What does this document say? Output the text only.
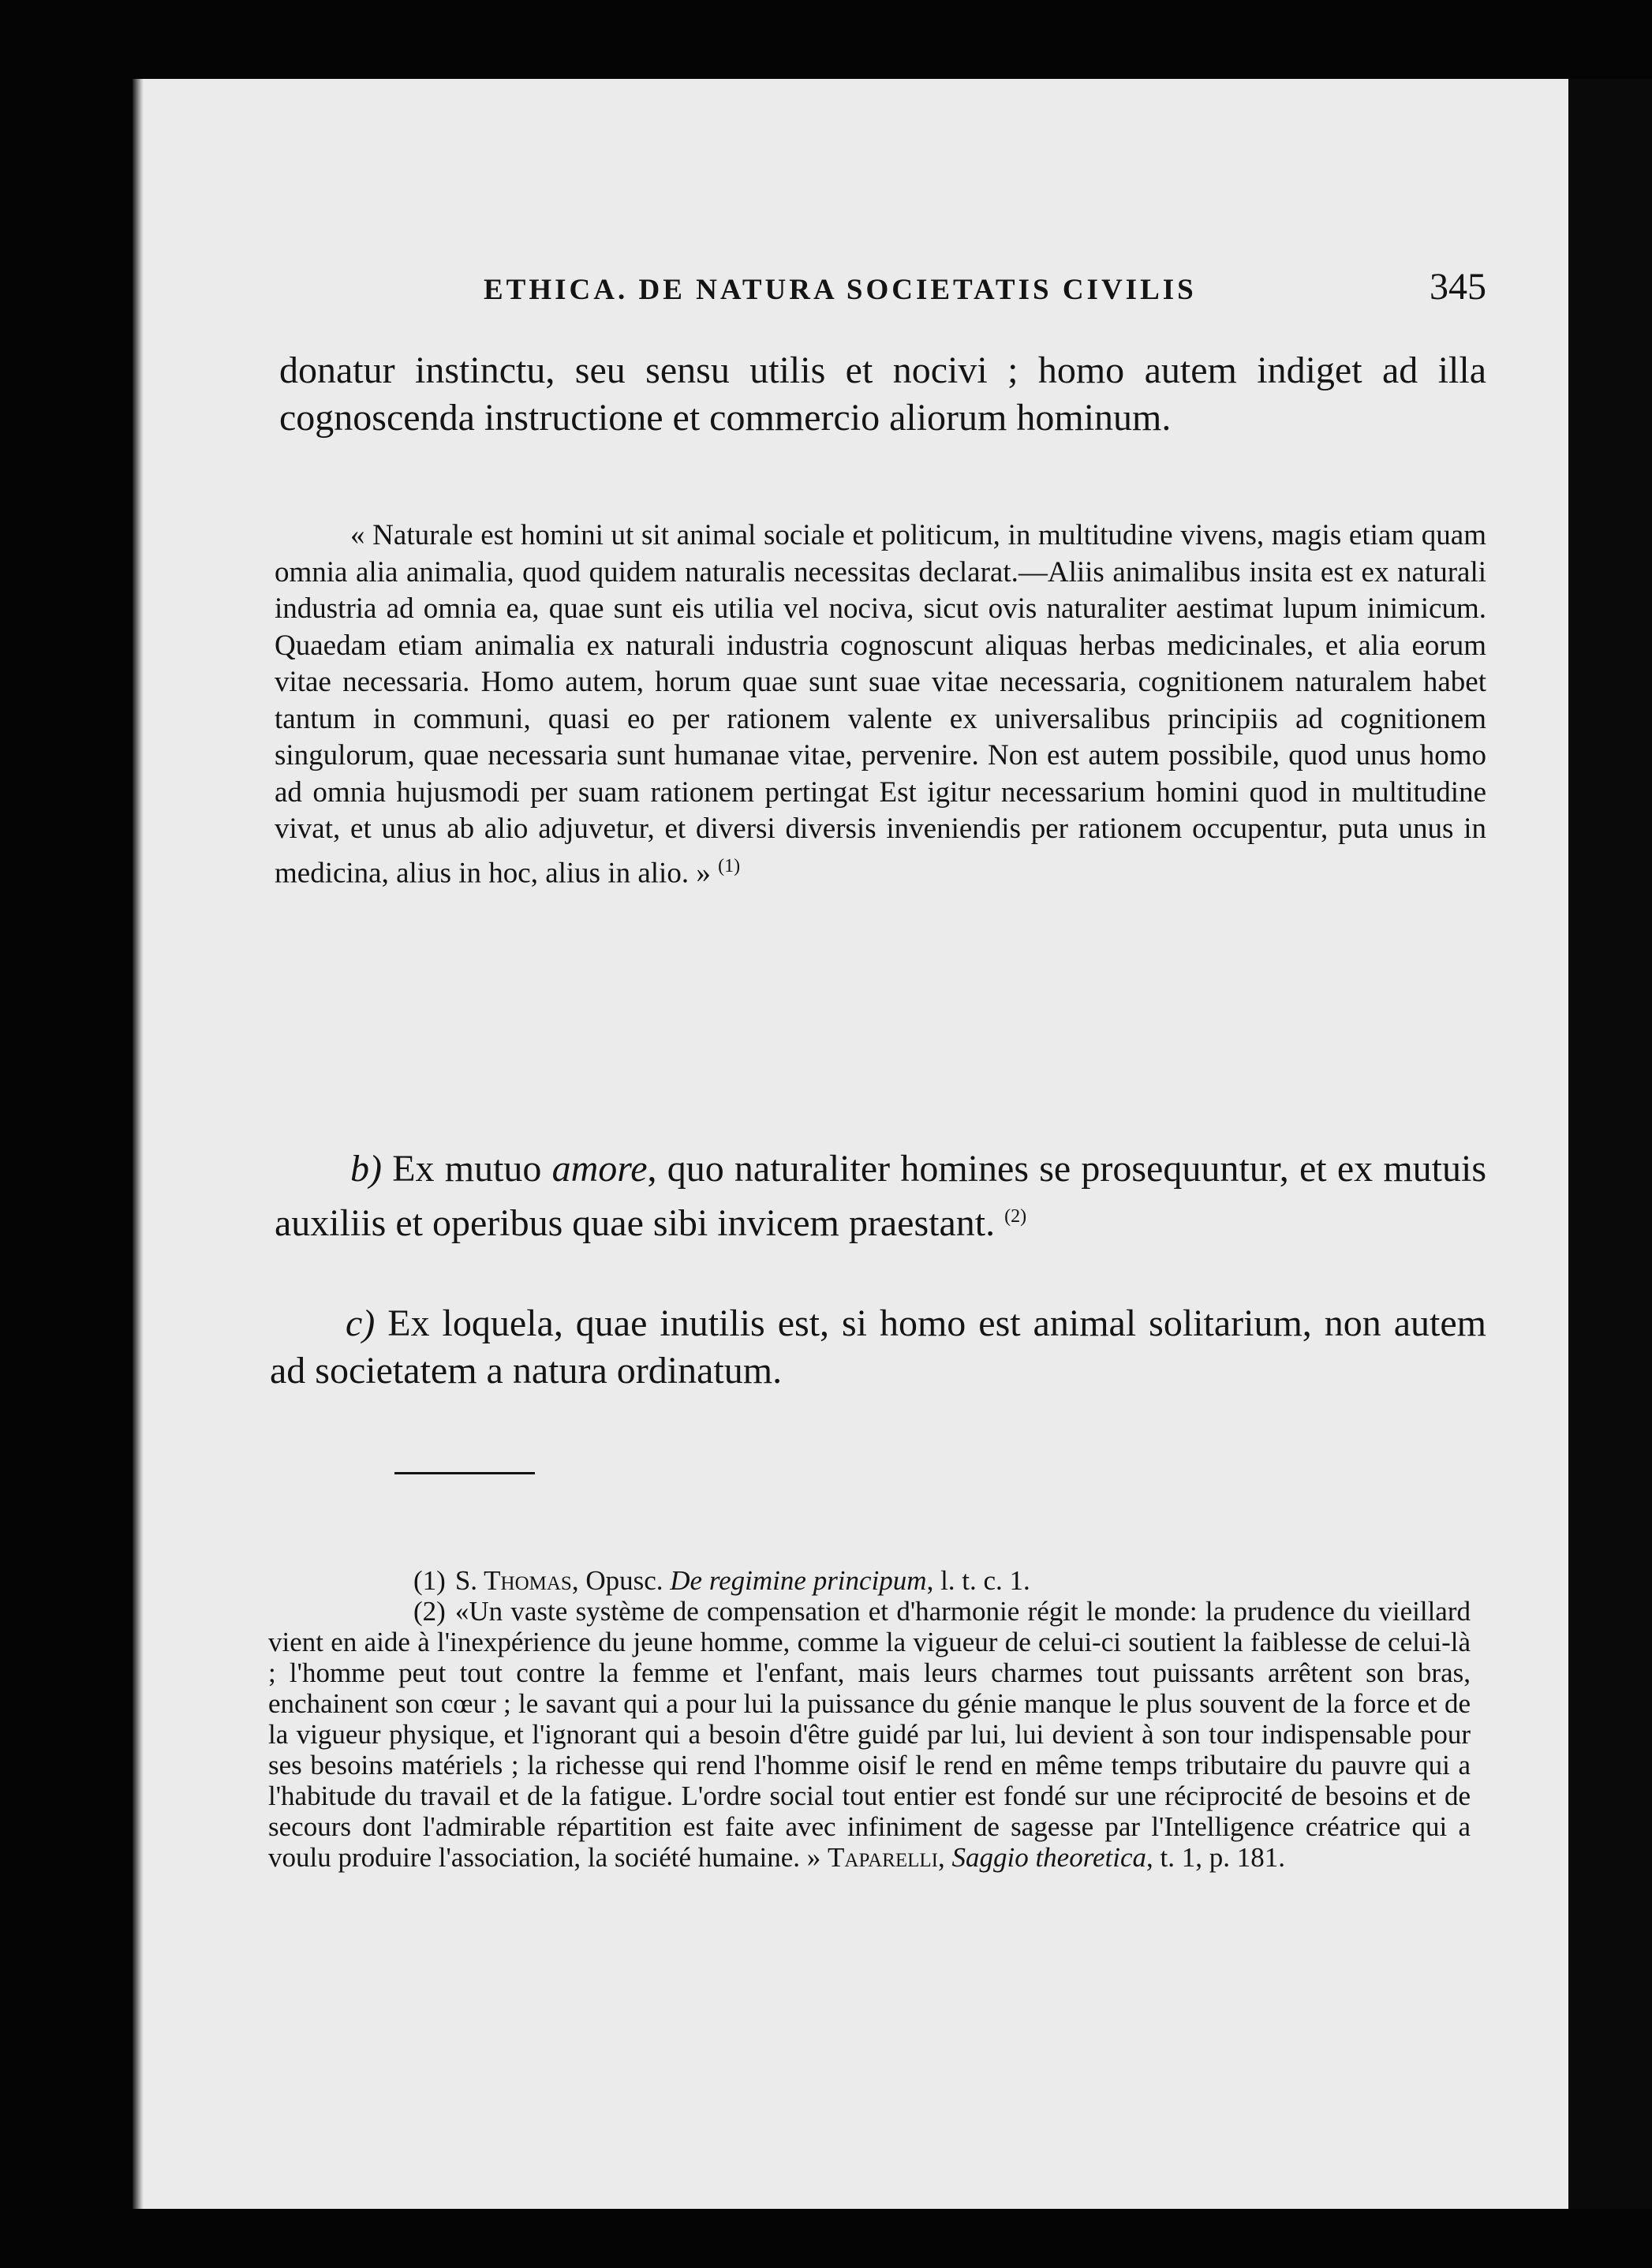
ETHICA. DE NATURA SOCIETATIS CIVILIS	345

donatur instinctu, seu sensu utilis et nocivi ; homo autem indiget ad illa cognoscenda instructione et commercio aliorum hominum.

« Naturale est homini ut sit animal sociale et politicum, in multitudine vivens, magis etiam quam omnia alia animalia, quod quidem naturalis necessitas declarat.—Aliis animalibus insita est ex naturali industria ad omnia ea, quae sunt eis utilia vel nociva, sicut ovis naturaliter aestimat lupum inimicum. Quaedam etiam animalia ex naturali industria cognoscunt aliquas herbas medicinales, et alia eorum vitae necessaria. Homo autem, horum quae sunt suae vitae necessaria, cognitionem naturalem habet tantum in communi, quasi eo per rationem valente ex universalibus principiis ad cognitionem singulorum, quae necessaria sunt humanae vitae, pervenire. Non est autem possibile, quod unus homo ad omnia hujusmodi per suam rationem pertingat Est igitur necessarium homini quod in multitudine vivat, et unus ab alio adjuvetur, et diversi diversis inveniendis per rationem occupentur, puta unus in medicina, alius in hoc, alius in alio. » $^{(1)}$

b) Ex mutuo amore, quo naturaliter homines se prosequuntur, et ex mutuis auxiliis et operibus quae sibi invicem praestant. $^{(2)}$

c) Ex loquela, quae inutilis est, si homo est animal solitarium, non autem ad societatem a natura ordinatum.

(1) S. Thomas, Opusc. De regimine principum, l. t. c. 1.

(2) «Un vaste système de compensation et d'harmonie régit le monde: la prudence du vieillard vient en aide à l'inexpérience du jeune homme, comme la vigueur de celui-ci soutient la faiblesse de celui-là ; l'homme peut tout contre la femme et l'enfant, mais leurs charmes tout puissants arrêtent son bras, enchainent son cœur ; le savant qui a pour lui la puissance du génie manque le plus souvent de la force et de la vigueur physique, et l'ignorant qui a besoin d'être guidé par lui, lui devient à son tour indispensable pour ses besoins matériels ; la richesse qui rend l'homme oisif le rend en même temps tributaire du pauvre qui a l'habitude du travail et de la fatigue. L'ordre social tout entier est fondé sur une réciprocité de besoins et de secours dont l'admirable répartition est faite avec infiniment de sagesse par l'Intelligence créatrice qui a voulu produire l'association, la société humaine. » Taparelli, Saggio theoretica, t. 1, p. 181.
